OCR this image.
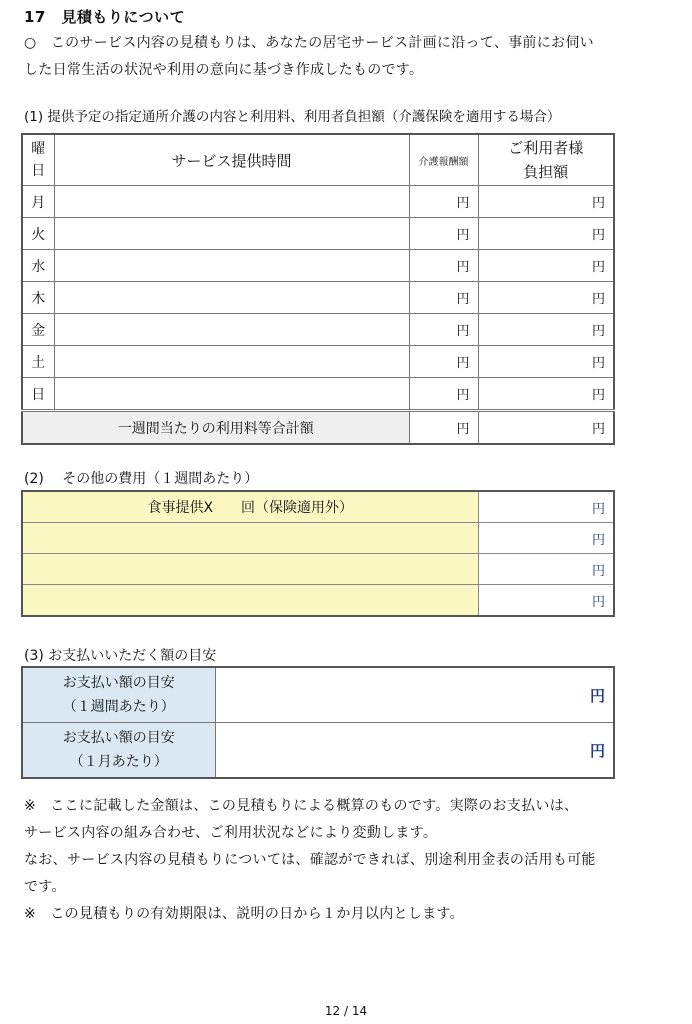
17　見積もりについて
○　このサービス内容の見積もりは、あなたの居宅サービス計画に沿って、事前にお伺い
した日常生活の状況や利用の意向に基づき作成したものです。
(1) 提供予定の指定通所介護の内容と利用料、利用者負担額（介護保険を適用する場合）
曜
日	サービス提供時間	介護報酬額	ご利用者様
負担額
月		円	円
火		円	円
水		円	円
木		円	円
金		円	円
土		円	円
日		円	円
一週間当たりの利用料等合計額		円	円
(2)　 その他の費用（１週間あたり）
食事提供X　　回（保険適用外）	円
	円
	円
	円
(3) お支払いいただく額の目安
お支払い額の目安
（１週間あたり）	円
お支払い額の目安
（１月あたり）	円
※　ここに記載した金額は、この見積もりによる概算のものです。実際のお支払いは、
サービス内容の組み合わせ、ご利用状況などにより変動します。
なお、サービス内容の見積もりについては、確認ができれば、別途利用金表の活用も可能
です。
※　この見積もりの有効期限は、説明の日から１か月以内とします。
12 / 14
